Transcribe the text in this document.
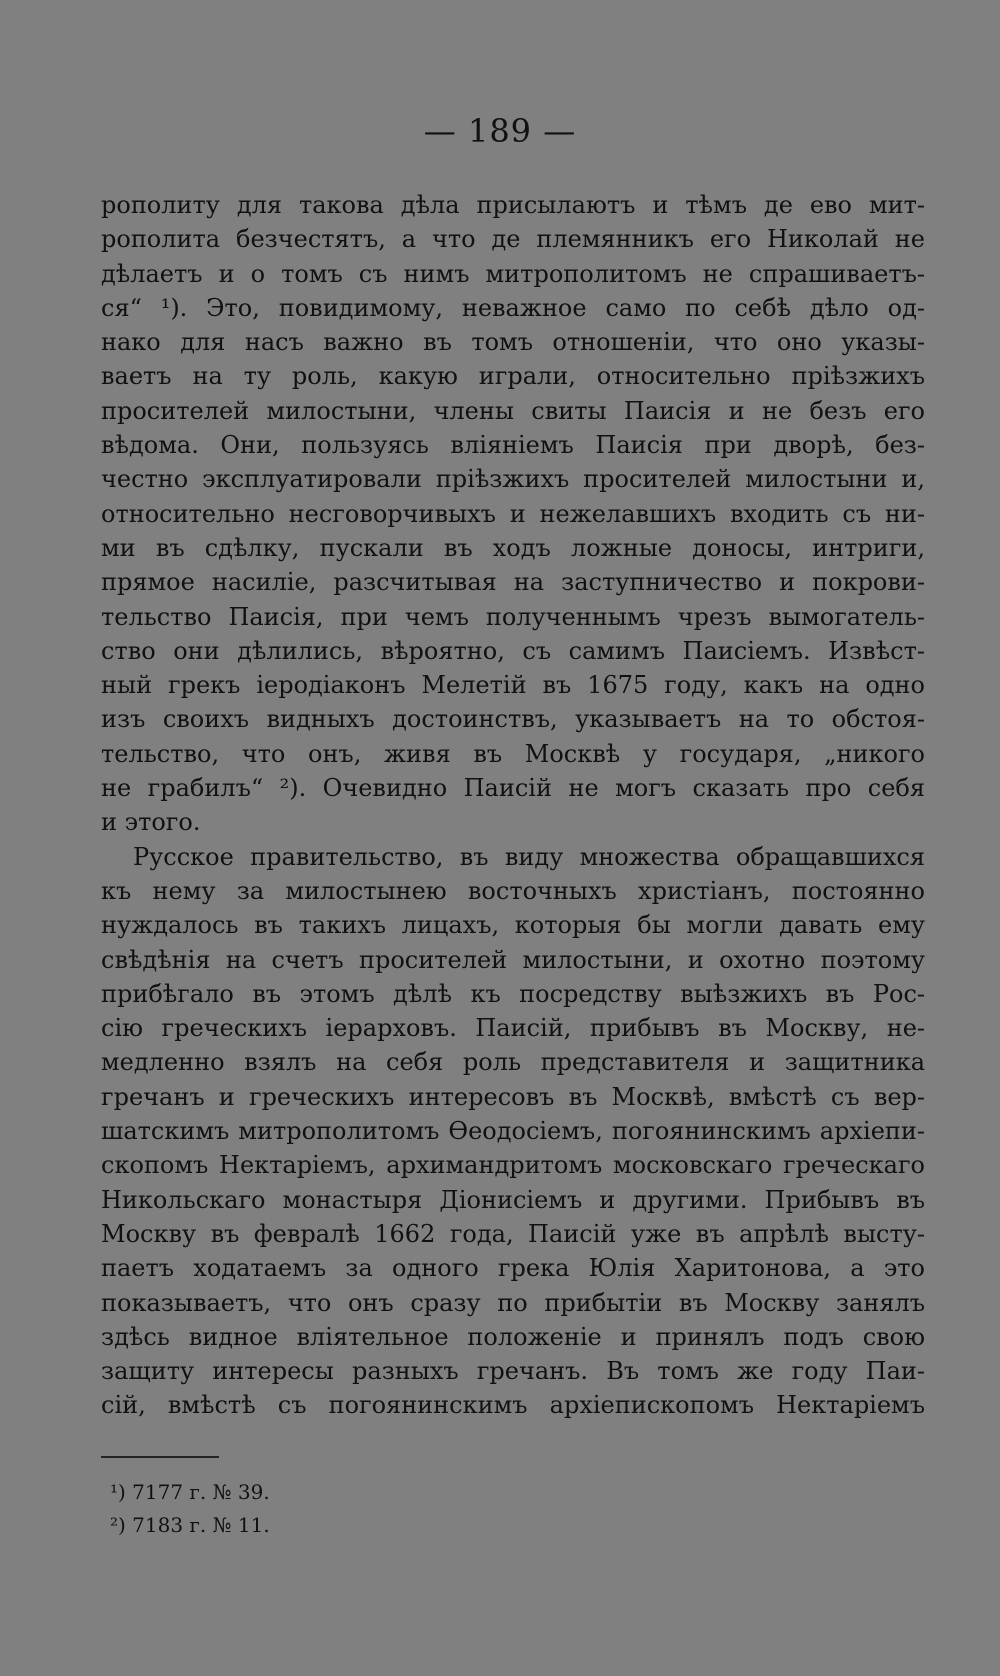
— 189 —
рополиту для такова дѣла присылаютъ и тѣмъ де ево мит-
рополита безчестятъ, а что де племянникъ его Николай не
дѣлаетъ и о томъ съ нимъ митрополитомъ не спрашиваетъ-
ся“ ¹). Это, повидимому, неважное само по себѣ дѣло од-
нако для насъ важно въ томъ отношеніи, что оно указы-
ваетъ на ту роль, какую играли, относительно пріѣзжихъ
просителей милостыни, члены свиты Паисія и не безъ его
вѣдома. Они, пользуясь вліяніемъ Паисія при дворѣ, без-
честно эксплуатировали пріѣзжихъ просителей милостыни и,
относительно несговорчивыхъ и нежелавшихъ входить съ ни-
ми въ сдѣлку, пускали въ ходъ ложные доносы, интриги,
прямое насиліе, разсчитывая на заступничество и покрови-
тельство Паисія, при чемъ полученнымъ чрезъ вымогатель-
ство они дѣлились, вѣроятно, съ самимъ Паисіемъ. Извѣст-
ный грекъ іеродіаконъ Мелетій въ 1675 году, какъ на одно
изъ своихъ видныхъ достоинствъ, указываетъ на то обстоя-
тельство, что онъ, живя въ Москвѣ у государя, „никого
не грабилъ“ ²). Очевидно Паисій не могъ сказать про себя
и этого.
Русское правительство, въ виду множества обращавшихся
къ нему за милостынею восточныхъ христіанъ, постоянно
нуждалось въ такихъ лицахъ, которыя бы могли давать ему
свѣдѣнія на счетъ просителей милостыни, и охотно поэтому
прибѣгало въ этомъ дѣлѣ къ посредству выѣзжихъ въ Рос-
сію греческихъ іерарховъ. Паисій, прибывъ въ Москву, не-
медленно взялъ на себя роль представителя и защитника
гречанъ и греческихъ интересовъ въ Москвѣ, вмѣстѣ съ вер-
шатскимъ митрополитомъ Ѳеодосіемъ, погоянинскимъ архіепи-
скопомъ Нектаріемъ, архимандритомъ московскаго греческаго
Никольскаго монастыря Діонисіемъ и другими. Прибывъ въ
Москву въ февралѣ 1662 года, Паисій уже въ апрѣлѣ высту-
паетъ ходатаемъ за одного грека Юлія Харитонова, а это
показываетъ, что онъ сразу по прибытіи въ Москву занялъ
здѣсь видное вліятельное положеніе и принялъ подъ свою
защиту интересы разныхъ гречанъ. Въ томъ же году Паи-
сій, вмѣстѣ съ погоянинскимъ архіепископомъ Нектаріемъ
¹) 7177 г. № 39.
²) 7183 г. № 11.
